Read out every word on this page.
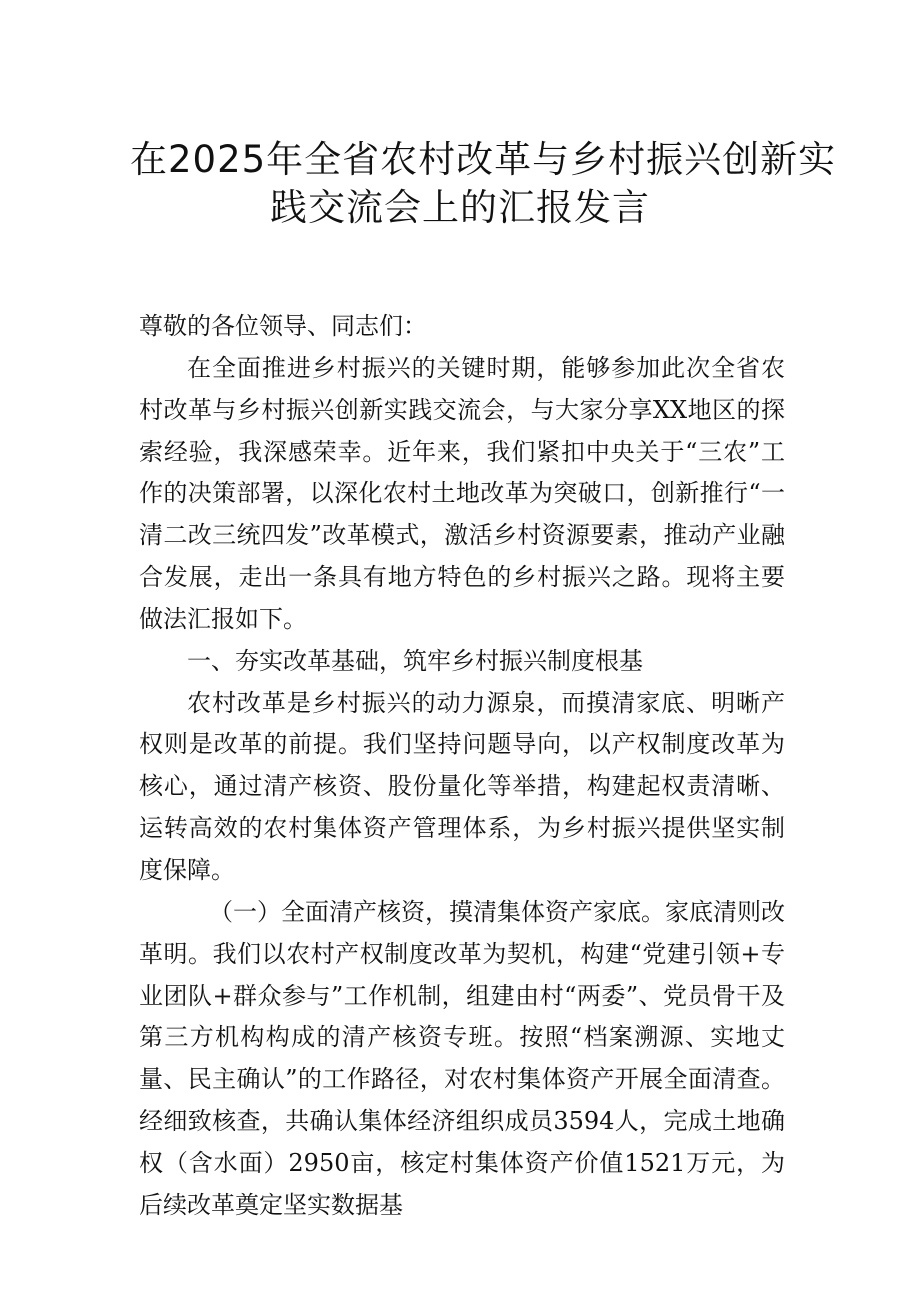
在2025年全省农村改革与乡村振兴创新实
践交流会上的汇报发言

尊敬的各位领导、同志们：

在全面推进乡村振兴的关键时期，能够参加此次全省农村改革与乡村振兴创新实践交流会，与大家分享XX地区的探索经验，我深感荣幸。近年来，我们紧扣中央关于“三农”工作的决策部署，以深化农村土地改革为突破口，创新推行“一清二改三统四发”改革模式，激活乡村资源要素，推动产业融合发展，走出一条具有地方特色的乡村振兴之路。现将主要做法汇报如下。

一、夯实改革基础，筑牢乡村振兴制度根基

农村改革是乡村振兴的动力源泉，而摸清家底、明晰产权则是改革的前提。我们坚持问题导向，以产权制度改革为核心，通过清产核资、股份量化等举措，构建起权责清晰、运转高效的农村集体资产管理体系，为乡村振兴提供坚实制度保障。

（一）全面清产核资，摸清集体资产家底。家底清则改革明。我们以农村产权制度改革为契机，构建“党建引领+专业团队+群众参与”工作机制，组建由村“两委”、党员骨干及第三方机构构成的清产核资专班。按照“档案溯源、实地丈量、民主确认”的工作路径，对农村集体资产开展全面清查。经细致核查，共确认集体经济组织成员3594人，完成土地确权（含水面）2950亩，核定村集体资产价值1521万元，为后续改革奠定坚实数据基
